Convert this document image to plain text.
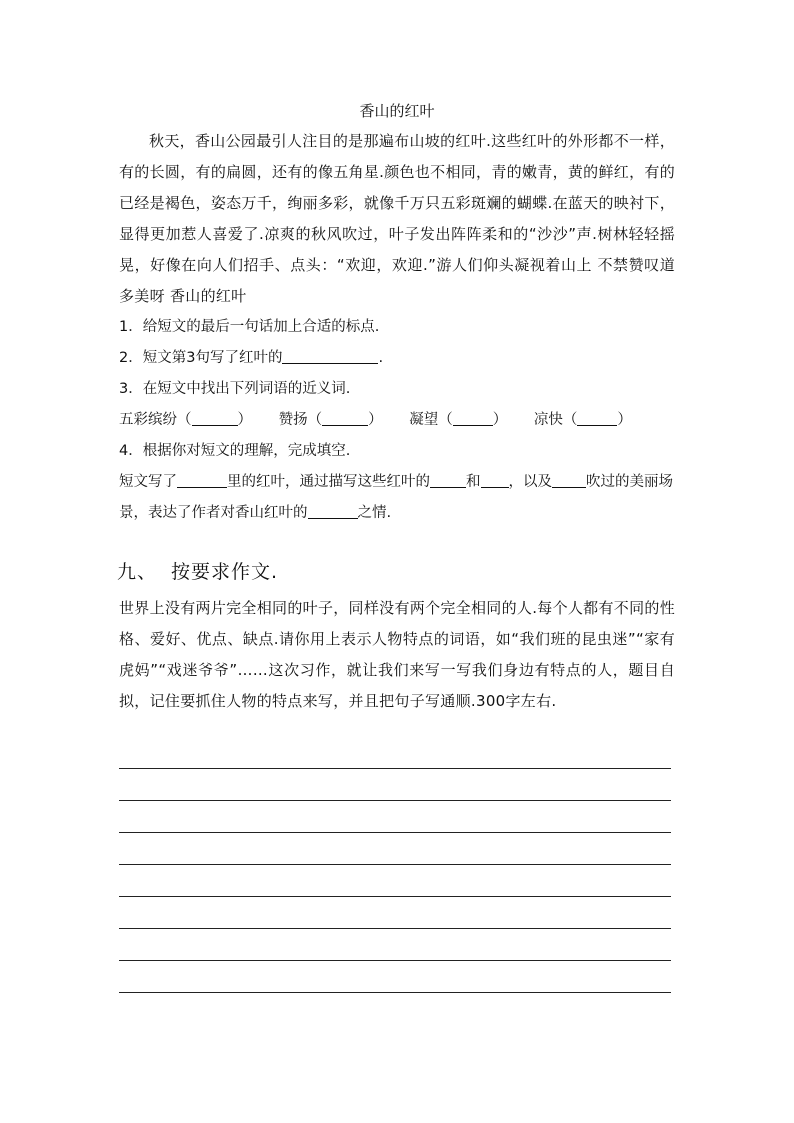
香山的红叶

秋天，香山公园最引人注目的是那遍布山坡的红叶.这些红叶的外形都不一样，有的长圆，有的扁圆，还有的像五角星.颜色也不相同，青的嫩青，黄的鲜红，有的已经是褐色，姿态万千，绚丽多彩，就像千万只五彩斑斓的蝴蝶.在蓝天的映衬下，显得更加惹人喜爱了.凉爽的秋风吹过，叶子发出阵阵柔和的“沙沙”声.树林轻轻摇晃，好像在向人们招手、点头：“欢迎，欢迎.”游人们仰头凝视着山上 不禁赞叹道 多美呀 香山的红叶

1．给短文的最后一句话加上合适的标点.

2．短文第3句写了红叶的	.

3．在短文中找出下列词语的近义词.

五彩缤纷（	） 赞扬（	） 凝望（	） 凉快（	）

4．根据你对短文的理解，完成填空.

短文写了	里的红叶，通过描写这些红叶的 和 ，以及 吹过的美丽场景，表达了作者对香山红叶的	之情.

九、 按要求作文.

世界上没有两片完全相同的叶子，同样没有两个完全相同的人.每个人都有不同的性格、爱好、优点、缺点.请你用上表示人物特点的词语，如“我们班的昆虫迷”“家有虎妈”“戏迷爷爷”……这次习作，就让我们来写一写我们身边有特点的人，题目自拟，记住要抓住人物的特点来写，并且把句子写通顺.300字左右.
